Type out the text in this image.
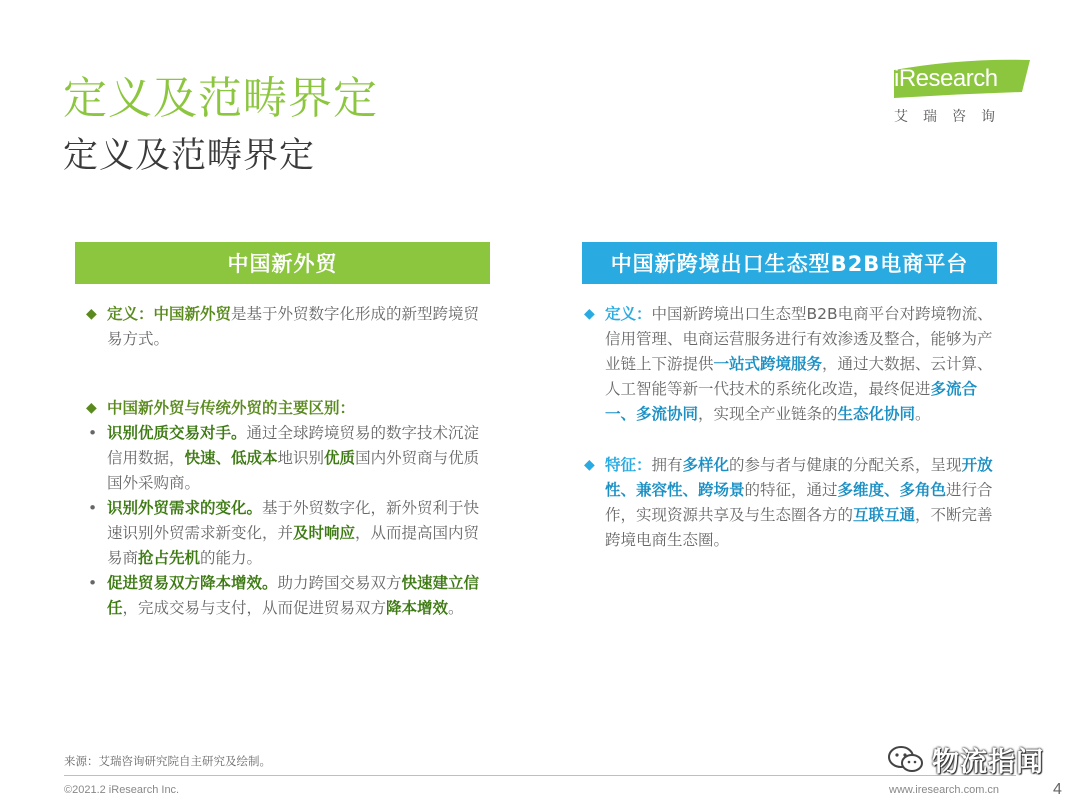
定义及范畴界定
定义及范畴界定
iResearch
艾瑞咨询
中国新外贸
◆ 定义：中国新外贸是基于外贸数字化形成的新型跨境贸易方式。
◆ 中国新外贸与传统外贸的主要区别：
• 识别优质交易对手。通过全球跨境贸易的数字技术沉淀信用数据，快速、低成本地识别优质国内外贸商与优质国外采购商。
• 识别外贸需求的变化。基于外贸数字化，新外贸利于快速识别外贸需求新变化，并及时响应，从而提高国内贸易商抢占先机的能力。
• 促进贸易双方降本增效。助力跨国交易双方快速建立信任，完成交易与支付，从而促进贸易双方降本增效。
中国新跨境出口生态型B2B电商平台
◆ 定义：中国新跨境出口生态型B2B电商平台对跨境物流、信用管理、电商运营服务进行有效渗透及整合，能够为产业链上下游提供一站式跨境服务，通过大数据、云计算、人工智能等新一代技术的系统化改造，最终促进多流合一、多流协同，实现全产业链条的生态化协同。
◆ 特征：拥有多样化的参与者与健康的分配关系，呈现开放性、兼容性、跨场景的特征，通过多维度、多角色进行合作，实现资源共享及与生态圈各方的互联互通，不断完善跨境电商生态圈。
来源：艾瑞咨询研究院自主研究及绘制。
©2021.2 iResearch Inc.	www.iresearch.com.cn
物流指闻
4
